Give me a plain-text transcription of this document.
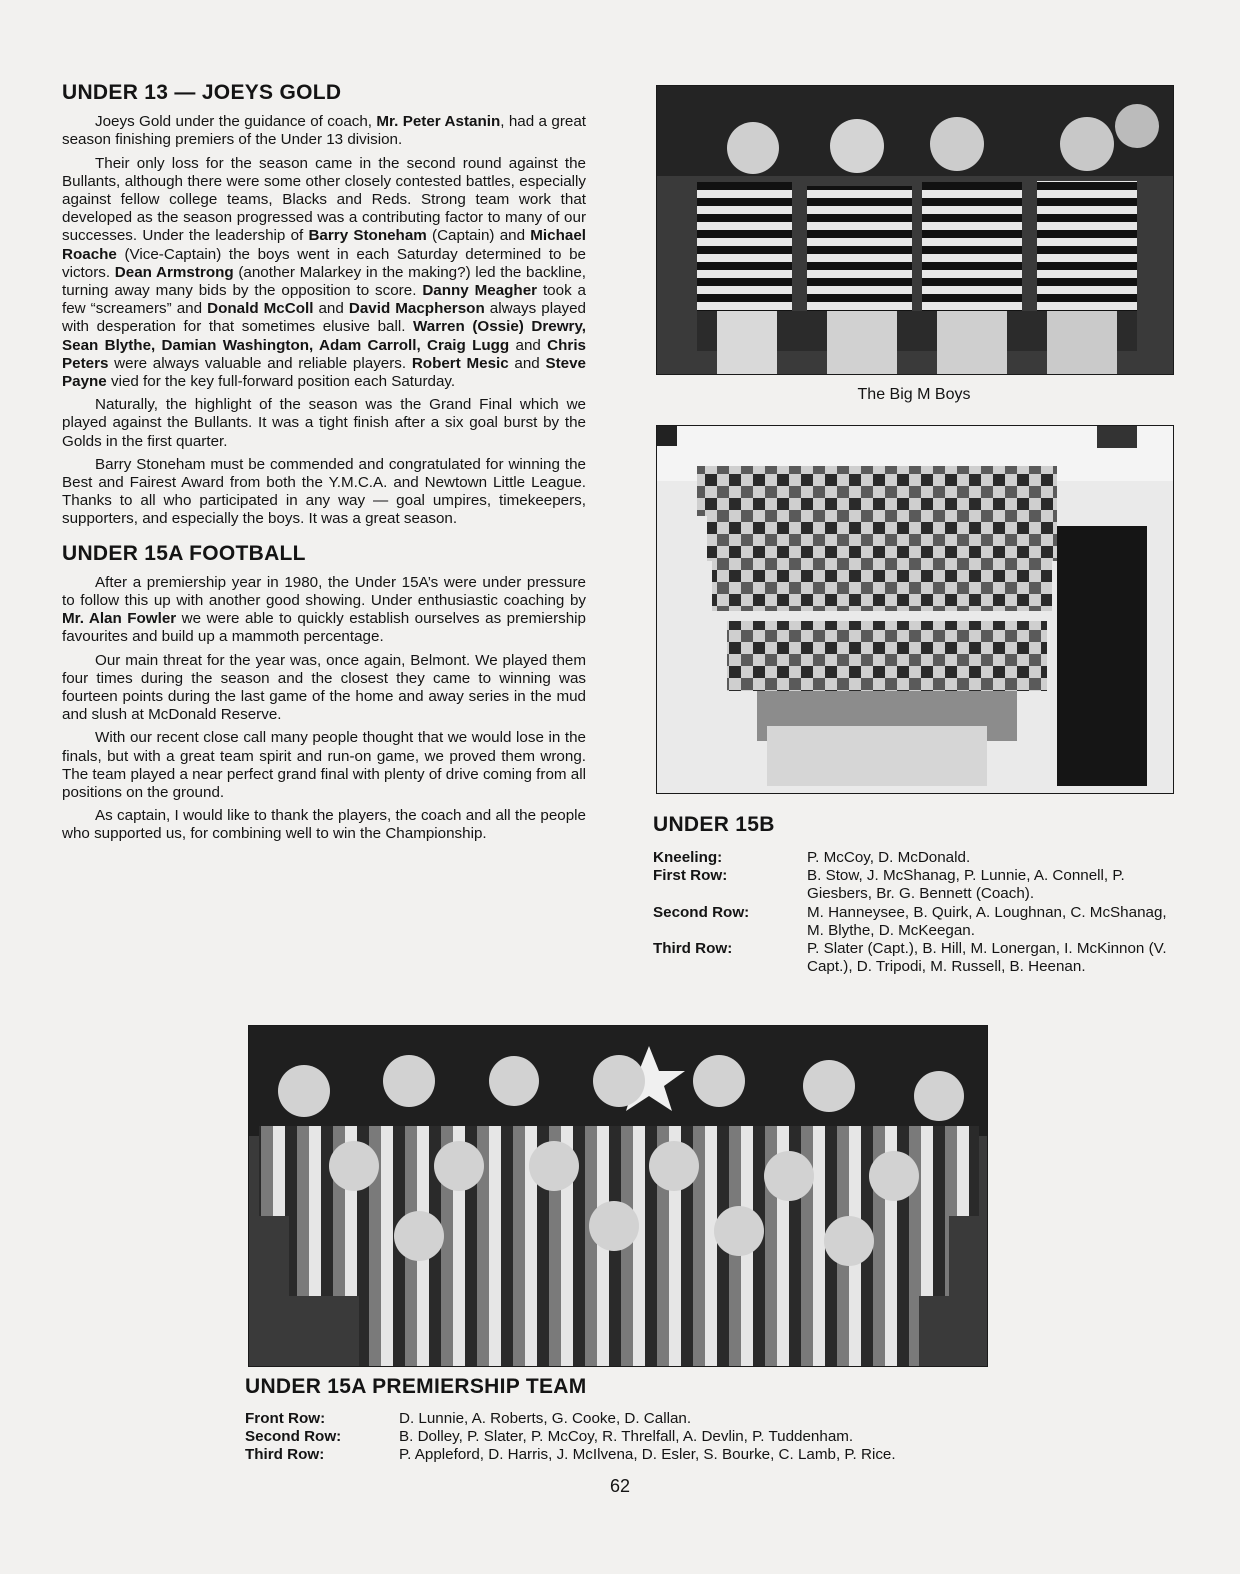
UNDER 13 — JOEYS GOLD

Joeys Gold under the guidance of coach, Mr. Peter Astanin, had a great season finishing premiers of the Under 13 division.

Their only loss for the season came in the second round against the Bullants, although there were some other closely contested battles, especially against fellow college teams, Blacks and Reds. Strong team work that developed as the season progressed was a contributing factor to many of our successes. Under the leadership of Barry Stoneham (Captain) and Michael Roache (Vice-Captain) the boys went in each Saturday determined to be victors. Dean Armstrong (another Malarkey in the making?) led the backline, turning away many bids by the opposition to score. Danny Meagher took a few “screamers” and Donald McColl and David Macpherson always played with desperation for that sometimes elusive ball. Warren (Ossie) Drewry, Sean Blythe, Damian Washington, Adam Carroll, Craig Lugg and Chris Peters were always valuable and reliable players. Robert Mesic and Steve Payne vied for the key full-forward position each Saturday.

Naturally, the highlight of the season was the Grand Final which we played against the Bullants. It was a tight finish after a six goal burst by the Golds in the first quarter.

Barry Stoneham must be commended and congratulated for winning the Best and Fairest Award from both the Y.M.C.A. and Newtown Little League. Thanks to all who participated in any way — goal umpires, timekeepers, supporters, and especially the boys. It was a great season.

UNDER 15A FOOTBALL

After a premiership year in 1980, the Under 15A’s were under pressure to follow this up with another good showing. Under enthusiastic coaching by Mr. Alan Fowler we were able to quickly establish ourselves as premiership favourites and build up a mammoth percentage.

Our main threat for the year was, once again, Belmont. We played them four times during the season and the closest they came to winning was fourteen points during the last game of the home and away series in the mud and slush at McDonald Reserve.

With our recent close call many people thought that we would lose in the finals, but with a great team spirit and run-on game, we proved them wrong. The team played a near perfect grand final with plenty of drive coming from all positions on the ground.

As captain, I would like to thank the players, the coach and all the people who supported us, for combining well to win the Championship.

The Big M Boys
UNDER 15B
Kneeling:	P. McCoy, D. McDonald.
First Row:	B. Stow, J. McShanag, P. Lunnie, A. Connell, P. Giesbers, Br. G. Bennett (Coach).
Second Row:	M. Hanneysee, B. Quirk, A. Loughnan, C. McShanag, M. Blythe, D. McKeegan.
Third Row:	P. Slater (Capt.), B. Hill, M. Lonergan, I. McKinnon (V. Capt.), D. Tripodi, M. Russell, B. Heenan.
UNDER 15A PREMIERSHIP TEAM
Front Row:	D. Lunnie, A. Roberts, G. Cooke, D. Callan.
Second Row:	B. Dolley, P. Slater, P. McCoy, R. Threlfall, A. Devlin, P. Tuddenham.
Third Row:	P. Appleford, D. Harris, J. McIlvena, D. Esler, S. Bourke, C. Lamb, P. Rice.
62
